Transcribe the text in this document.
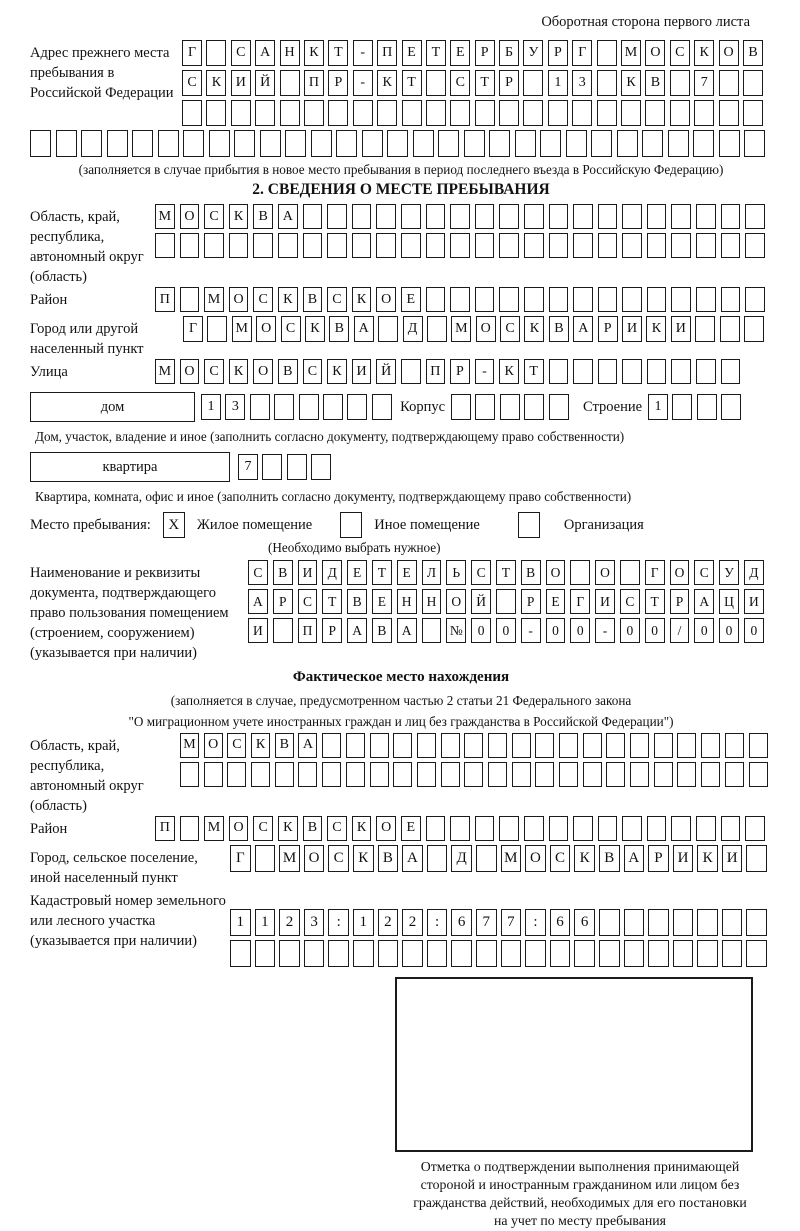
Оборотная сторона первого листа
Адрес прежнего места пребывания в Российской Федерации
Г	С	А	Н	К	Т	-	П	Е	Т	Е	Р	Б	У	Р	Г	М О	С	К	О	В
С	К	И	Й	П	Р	-	К	Т	С	Т	Р	1	3	К	В	7
(заполняется в случае прибытия в новое место пребывания в период последнего въезда в Российскую Федерацию)
2. СВЕДЕНИЯ О МЕСТЕ ПРЕБЫВАНИЯ
Область, край, республика, автономный округ (область)
М О	С	К	В	А
Район	П	М О	С	К	В	С	К	О	Е
Город или другой населенный пункт
Г	М О	С	К	В	А	Д	М О	С	К	В	А	Р	И	К	И
Улица	М О	С	К	О	В	С	К	И	Й	П	Р	-	К	Т
дом	1	3	Корпус	Строение 1
Дом, участок, владение и иное (заполнить согласно документу, подтверждающему право собственности)
квартира	7
Квартира, комната, офис и иное (заполнить согласно документу, подтверждающему право собственности)
Место пребывания:	X	Жилое помещение	Иное помещение	Организация
(Необходимо выбрать нужное)
Наименование и реквизиты документа, подтверждающего право пользования помещением (строением, сооружением) (указывается при наличии)
С	В	И	Д	Е	Т	Е	Л	Ь	С	Т	В	О	О	Г	О	С	У	Д
А	Р	С	Т	В	Е	Н	Н	О	Й	Р	Е	Г	И	С	Т	Р	А	Ц	И
И	П	Р	А	В	А	№	0	0	-	0	0	-	0	0	/	0	0	0
Фактическое место нахождения
(заполняется в случае, предусмотренном частью 2 статьи 21 Федерального закона
"О миграционном учете иностранных граждан и лиц без гражданства в Российской Федерации")
Область, край, республика, автономный округ (область)
М О С	К	В А
Район	П	М О	С	К	В	С	К	О	Е
Город, сельское поселение, иной населенный пункт
Г	М О С К В А	Д	М О С К В А	Р	И К И
Кадастровый номер земельного или лесного участка (указывается при наличии)
1	1	2	3	:	1	2	2	:	6	7	7	:	6	6
Отметка о подтверждении выполнения принимающей
стороной и иностранным гражданином или лицом без
гражданства действий, необходимых для его постановки
на учет по месту пребывания
